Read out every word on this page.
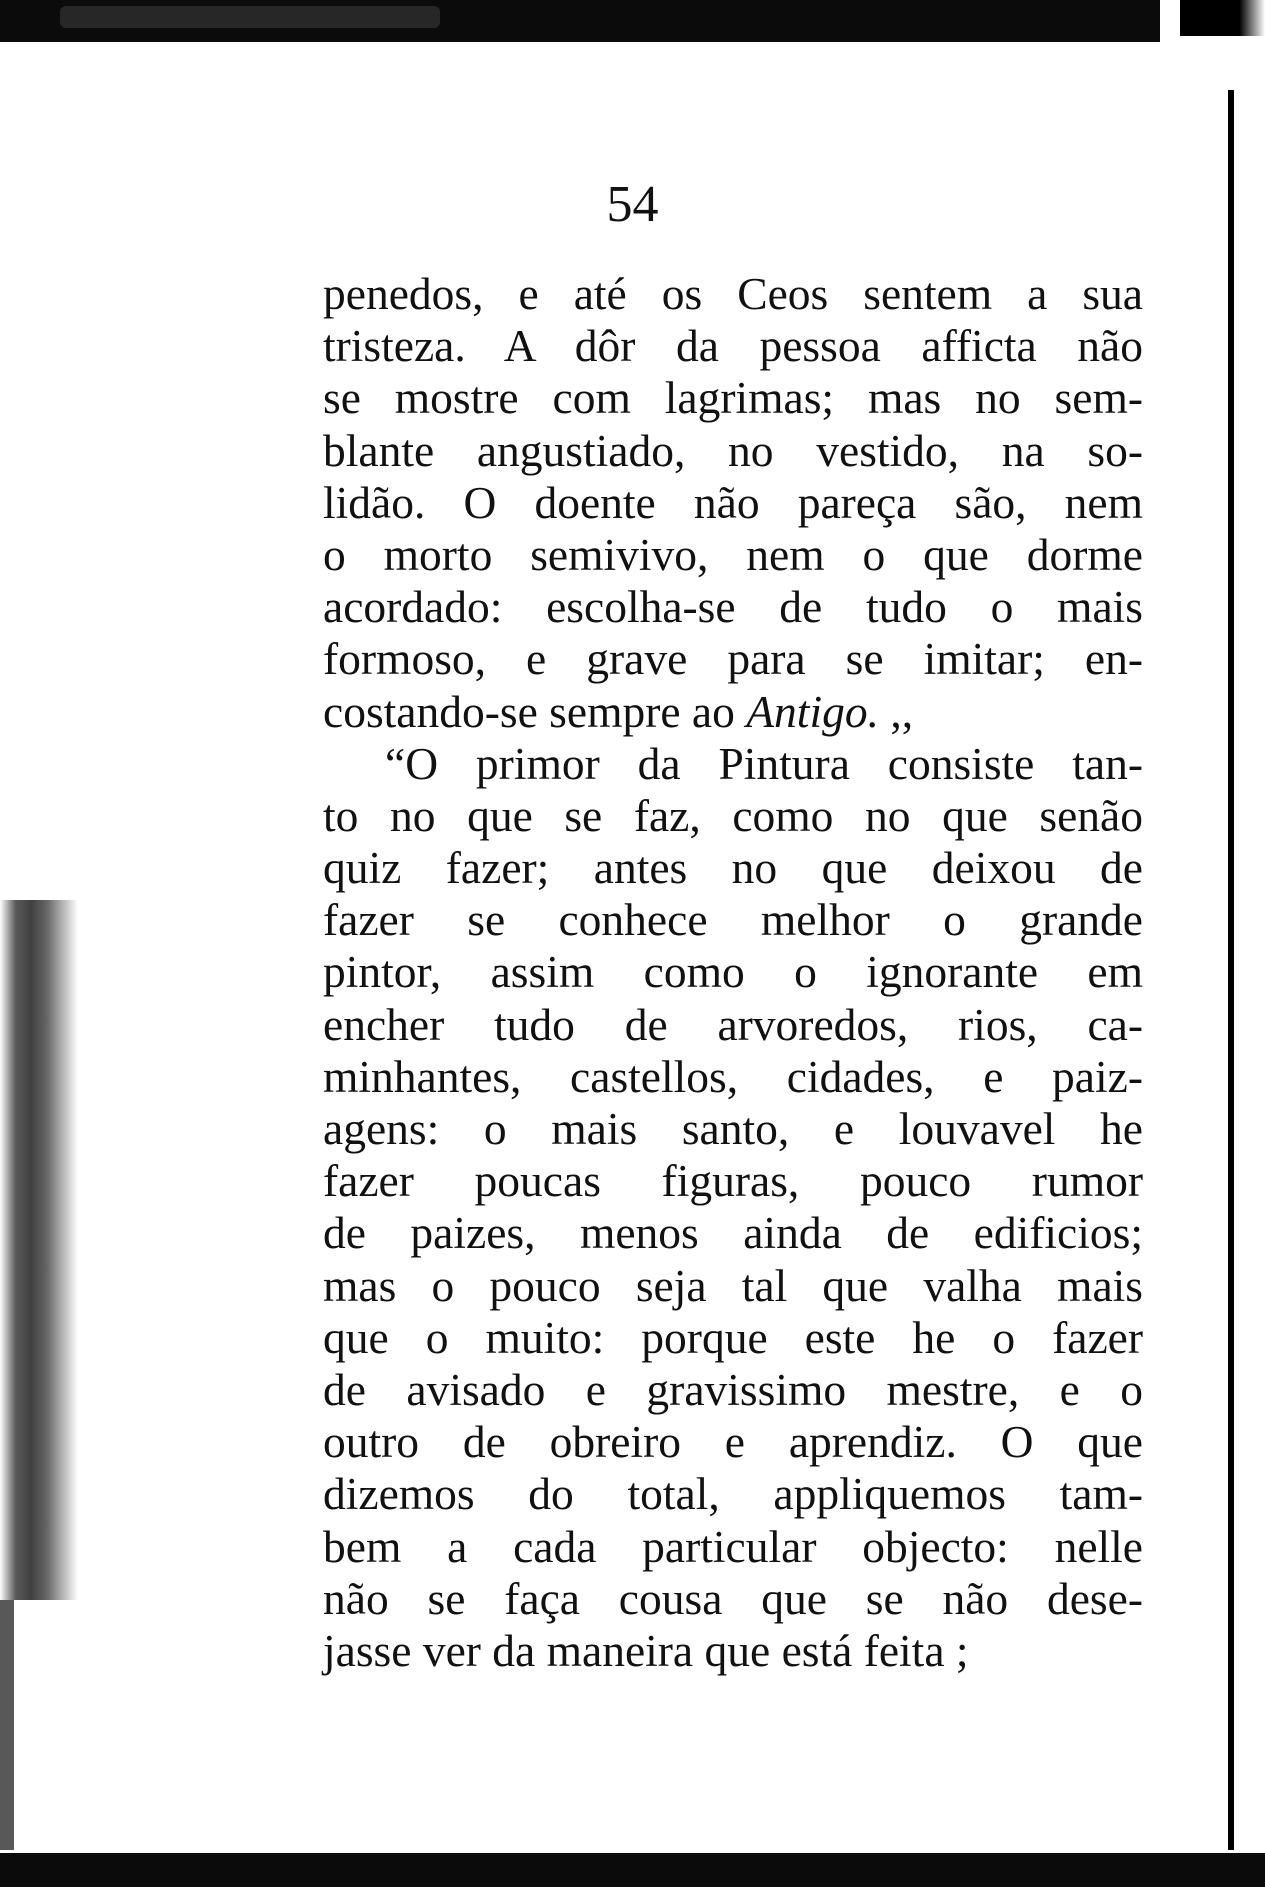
54
penedos, e até os Ceos sentem a sua
tristeza. A dôr da pessoa afficta não
se mostre com lagrimas; mas no sem-
blante angustiado, no vestido, na so-
lidão. O doente não pareça são, nem
o morto semivivo, nem o que dorme
acordado: escolha-se de tudo o mais
formoso, e grave para se imitar; en-
costando-se sempre ao Antigo. ,,
“O primor da Pintura consiste tan-
to no que se faz, como no que senão
quiz fazer; antes no que deixou de
fazer se conhece melhor o grande
pintor, assim como o ignorante em
encher tudo de arvoredos, rios, ca-
minhantes, castellos, cidades, e paiz-
agens: o mais santo, e louvavel he
fazer poucas figuras, pouco rumor
de paizes, menos ainda de edificios;
mas o pouco seja tal que valha mais
que o muito: porque este he o fazer
de avisado e gravissimo mestre, e o
outro de obreiro e aprendiz. O que
dizemos do total, appliquemos tam-
bem a cada particular objecto: nelle
não se faça cousa que se não dese-
jasse ver da maneira que está feita ;
